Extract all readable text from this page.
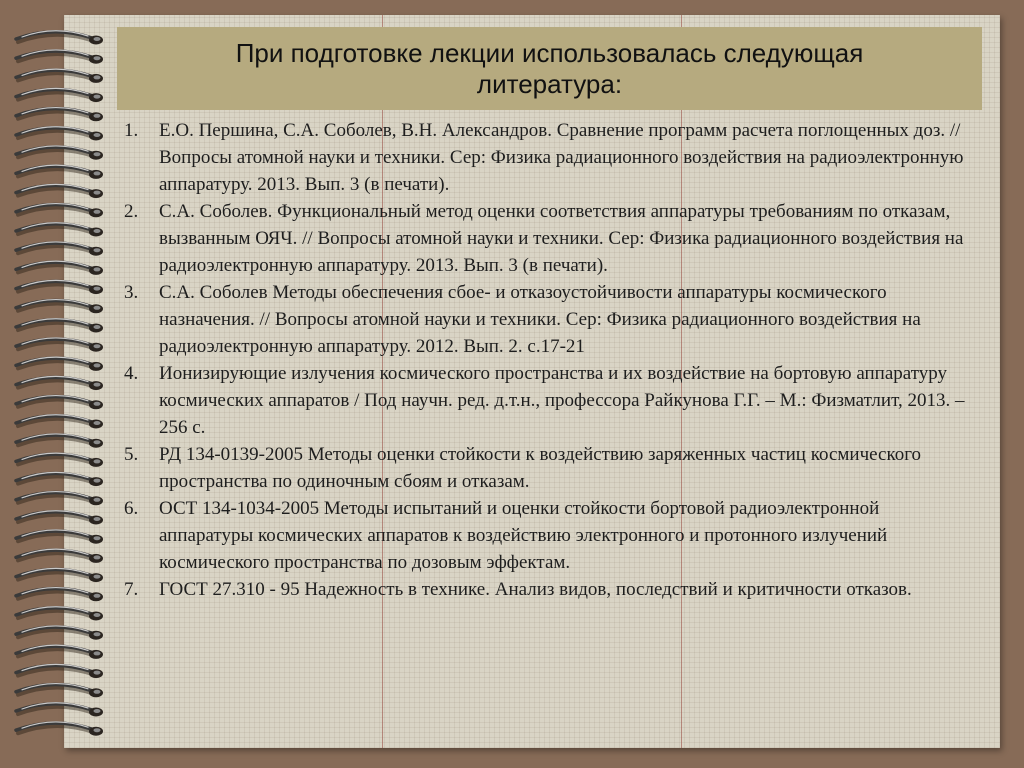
При подготовке лекции использовалась следующая литература:
1.	Е.О. Першина, С.А. Соболев, В.Н. Александров. Сравнение программ расчета поглощенных доз. // Вопросы атомной науки и техники. Сер: Физика радиационного воздействия на радиоэлектронную аппаратуру. 2013. Вып. 3 (в печати).
2.	С.А. Соболев. Функциональный метод оценки соответствия аппаратуры требованиям по отказам, вызванным ОЯЧ. // Вопросы атомной науки и техники. Сер: Физика радиационного воздействия на радиоэлектронную аппаратуру. 2013. Вып. 3 (в печати).
3.	С.А. Соболев Методы обеспечения сбое- и отказоустойчивости аппаратуры космического назначения. // Вопросы атомной науки и техники. Сер: Физика радиационного воздействия на радиоэлектронную аппаратуру. 2012. Вып. 2. с.17-21
4.	Ионизирующие излучения космического пространства и их воздействие на бортовую аппаратуру космических аппаратов / Под научн. ред. д.т.н., профессора Райкунова Г.Г. – М.: Физматлит, 2013. – 256 с.
5.	РД 134-0139-2005 Методы оценки стойкости к воздействию заряженных частиц космического пространства по одиночным сбоям и отказам.
6.	ОСТ 134-1034-2005 Методы испытаний и оценки стойкости бортовой радиоэлектронной аппаратуры космических аппаратов к воздействию электронного и протонного излучений космического пространства по дозовым эффектам.
7.	ГОСТ 27.310 - 95 Надежность в технике. Анализ видов, последствий и критичности отказов.
